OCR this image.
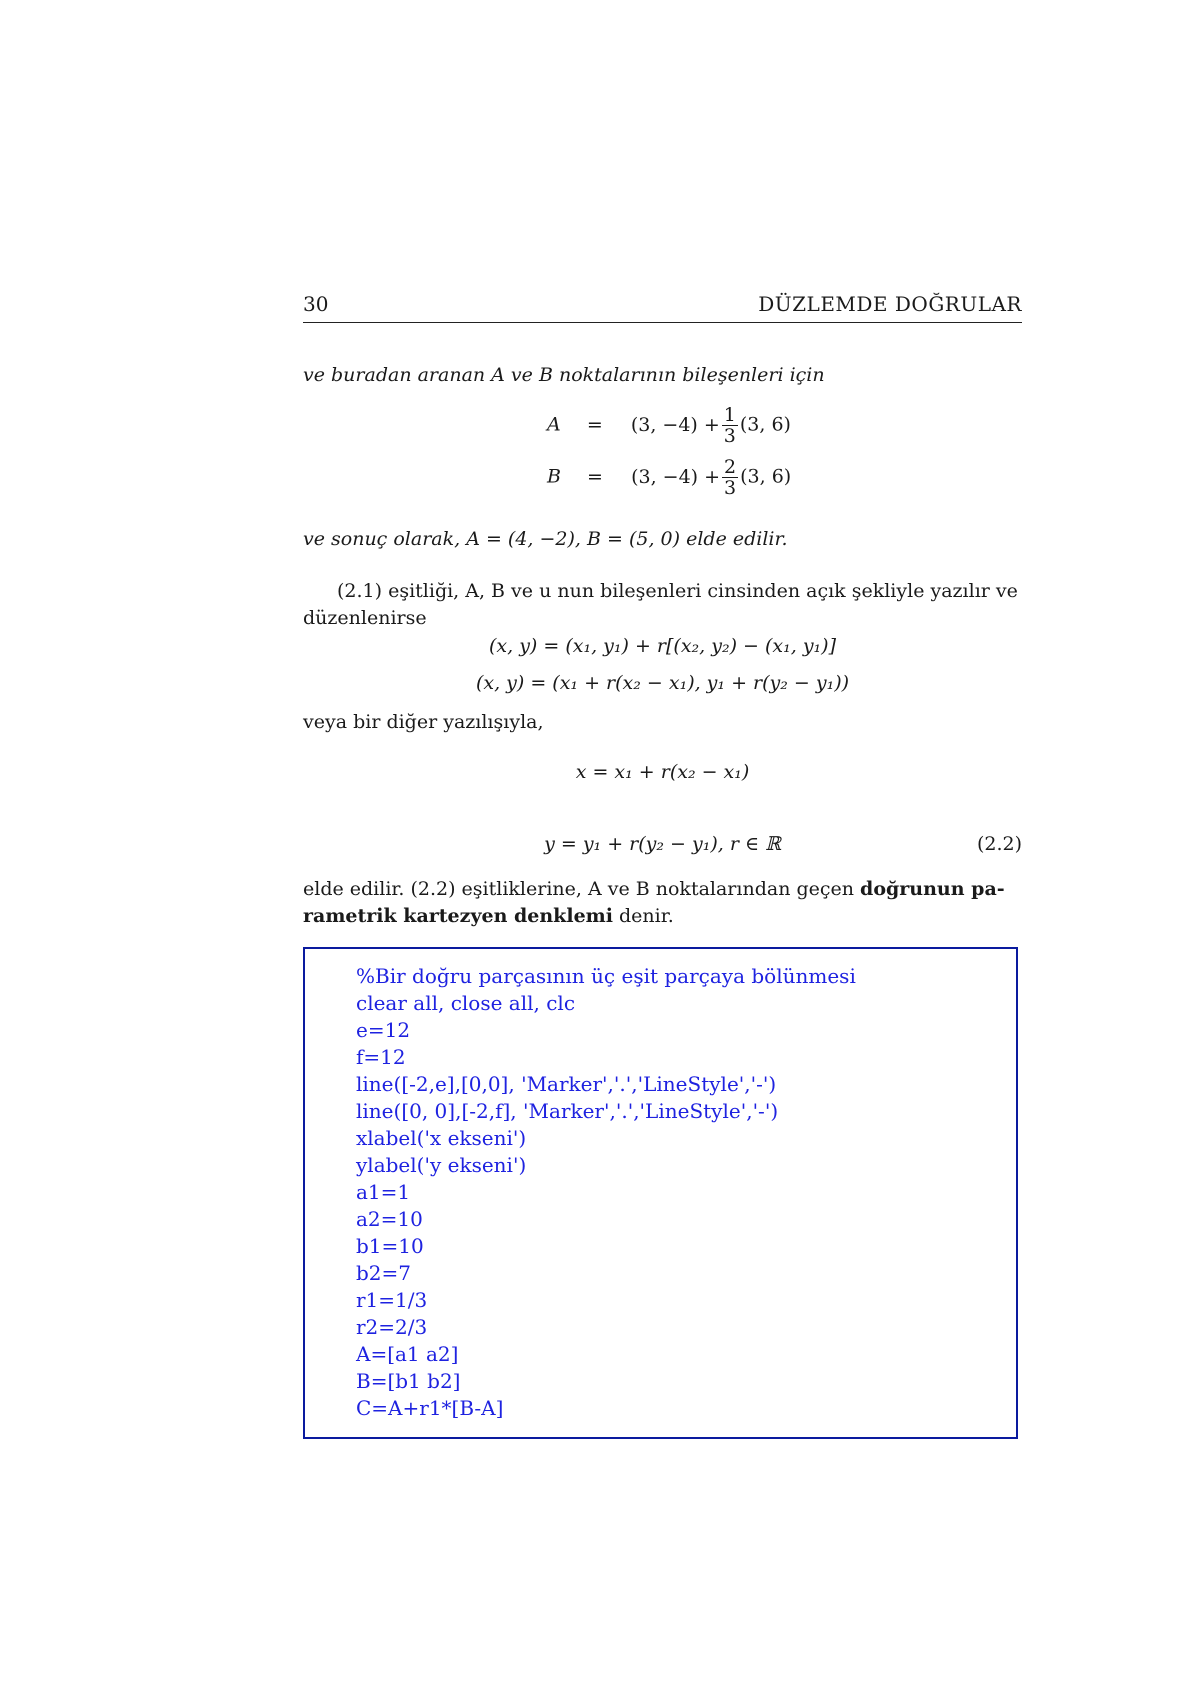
30	DÜZLEMDE DOĞRULAR
ve buradan aranan A ve B noktalarının bileşenleri için
A = (3, $-4) + \frac{1}{3} (3$, 6)
B = (3, $-4) + \frac{2}{3} (3$, 6)
ve sonuç olarak, A = (4, −2), B = (5, 0) elde edilir.
(2.1) eşitliği, A, B ve u nun bileşenleri cinsinden açık şekliyle yazılır ve
düzenlenirse
(x, y) = (x₁, y₁) + r[(x₂, y₂) − (x₁, y₁)]
(x, y) = (x₁ + r(x₂ − x₁), y₁ + r(y₂ − y₁))
veya bir diğer yazılışıyla,
x = x₁ + r(x₂ − x₁)
y = y₁ + r(y₂ − y₁), r ∈ ℝ	(2.2)
elde edilir. (2.2) eşitliklerine, A ve B noktalarından geçen doğrunun pa-
rametrik kartezyen denklemi denir.
%Bir doğru parçasının üç eşit parçaya bölünmesi
clear all, close all, clc
e=12
f=12
line([-2,e],[0,0], 'Marker','.','LineStyle','-')
line([0, 0],[-2,f], 'Marker','.','LineStyle','-')
xlabel('x ekseni')
ylabel('y ekseni')
a1=1
a2=10
b1=10
b2=7
r1=1/3
r2=2/3
A=[a1 a2]
B=[b1 b2]
C=A+r1*[B-A]
